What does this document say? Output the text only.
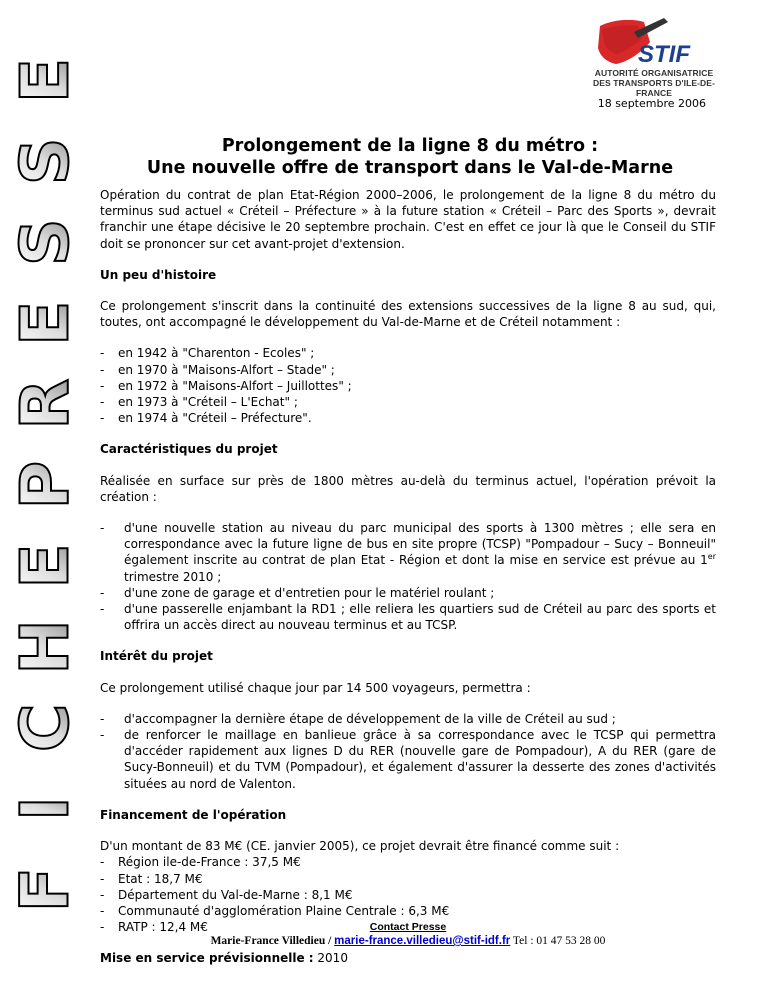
F
I
C
H
E
P
R
E
S
S
E
STIF
AUTORITÉ ORGANISATRICE
DES TRANSPORTS D'ILE-DE-FRANCE
18 septembre 2006
Prolongement de la ligne 8 du métro :
Une nouvelle offre de transport dans le Val-de-Marne

Opération du contrat de plan Etat-Région 2000–2006, le prolongement de la ligne 8 du métro du terminus sud actuel « Créteil – Préfecture » à la future station « Créteil – Parc des Sports », devrait franchir une étape décisive le 20 septembre prochain. C'est en effet ce jour là que le Conseil du STIF doit se prononcer sur cet avant-projet d'extension.

Un peu d'histoire

Ce prolongement s'inscrit dans la continuité des extensions successives de la ligne 8 au sud, qui, toutes, ont accompagné le développement du Val-de-Marne et de Créteil notamment :

- en 1942 à "Charenton - Ecoles" ;
- en 1970 à "Maisons-Alfort – Stade" ;
- en 1972 à "Maisons-Alfort – Juillottes" ;
- en 1973 à "Créteil – L'Echat" ;
- en 1974 à "Créteil – Préfecture".

Caractéristiques du projet

Réalisée en surface sur près de 1800 mètres au-delà du terminus actuel, l'opération prévoit la création :

- d'une nouvelle station au niveau du parc municipal des sports à 1300 mètres ; elle sera en correspondance avec la future ligne de bus en site propre (TCSP) "Pompadour – Sucy – Bonneuil" également inscrite au contrat de plan Etat - Région et dont la mise en service est prévue au 1er trimestre 2010 ;
- d'une zone de garage et d'entretien pour le matériel roulant ;
- d'une passerelle enjambant la RD1 ; elle reliera les quartiers sud de Créteil au parc des sports et offrira un accès direct au nouveau terminus et au TCSP.

Intérêt du projet

Ce prolongement utilisé chaque jour par 14 500 voyageurs, permettra :

- d'accompagner la dernière étape de développement de la ville de Créteil au sud ;
- de renforcer le maillage en banlieue grâce à sa correspondance avec le TCSP qui permettra d'accéder rapidement aux lignes D du RER (nouvelle gare de Pompadour), A du RER (gare de Sucy-Bonneuil) et du TVM (Pompadour), et également d'assurer la desserte des zones d'activités situées au nord de Valenton.

Financement de l'opération

D'un montant de 83 M€ (CE. janvier 2005), ce projet devrait être financé comme suit :

- Région ile-de-France : 37,5 M€
- Etat : 18,7 M€
- Département du Val-de-Marne : 8,1 M€
- Communauté d'agglomération Plaine Centrale : 6,3 M€
- RATP : 12,4 M€

Mise en service prévisionnelle : 2010

Contact Presse
Marie-France Villedieu / marie-france.villedieu@stif-idf.fr Tel : 01 47 53 28 00
